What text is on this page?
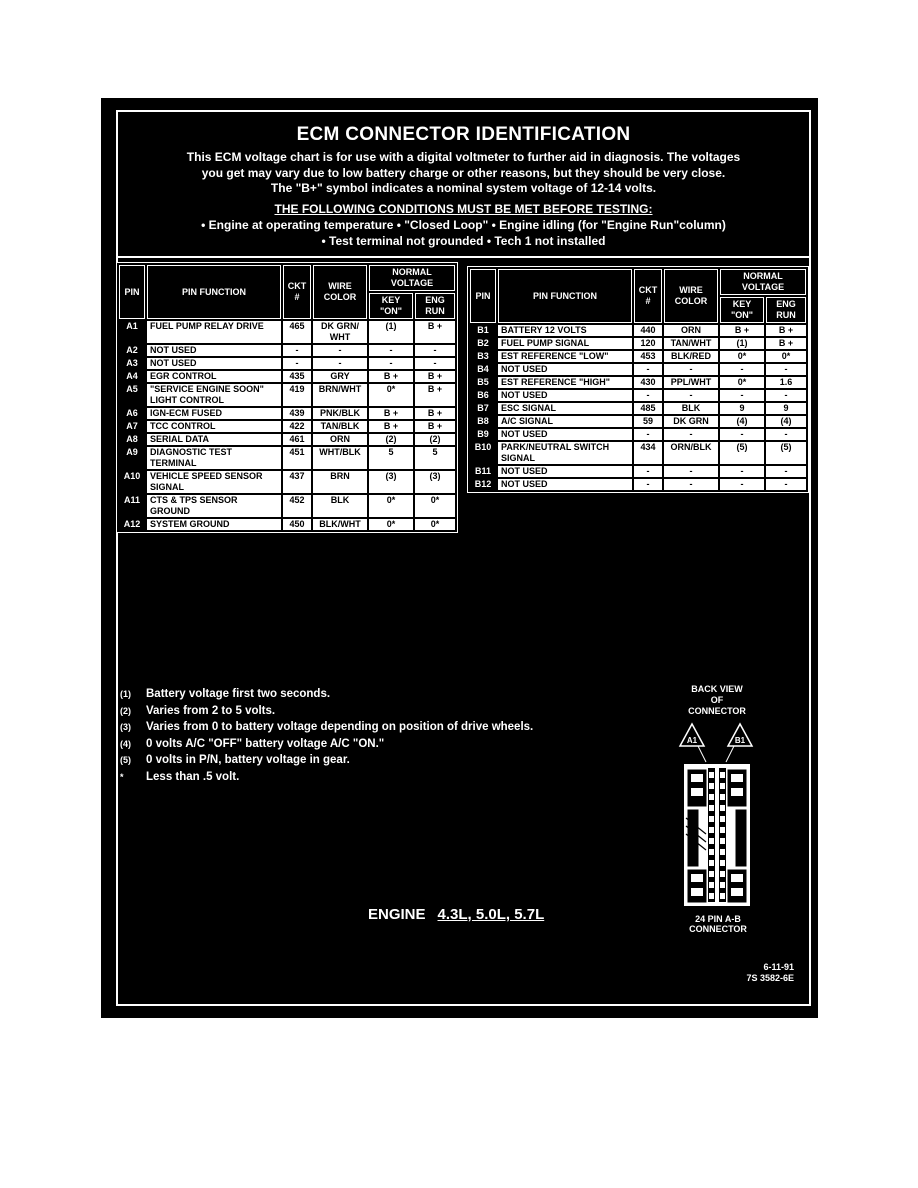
ECM CONNECTOR IDENTIFICATION
This ECM voltage chart is for use with a digital voltmeter to further aid in diagnosis. The voltages
you get may vary due to low battery charge or other reasons, but they should be very close.
The "B+" symbol indicates a nominal system voltage of 12-14 volts.
THE FOLLOWING CONDITIONS MUST BE MET BEFORE TESTING:
• Engine at operating temperature • "Closed Loop" • Engine idling (for "Engine Run"column)
• Test terminal not grounded • Tech 1 not installed
PIN	PIN FUNCTION	CKT #	WIRE COLOR	NORMAL VOLTAGE	
				KEY "ON"	ENG RUN
A1	FUEL PUMP RELAY DRIVE	465	DK GRN/ WHT	(1)	B +
A2	NOT USED	-	-	-	-
A3	NOT USED	-	-	-	-
A4	EGR CONTROL	435	GRY	B +	B +
A5	"SERVICE ENGINE SOON" LIGHT CONTROL	419	BRN/WHT	0*	B +
A6	IGN-ECM FUSED	439	PNK/BLK	B +	B +
A7	TCC CONTROL	422	TAN/BLK	B +	B +
A8	SERIAL DATA	461	ORN	(2)	(2)
A9	DIAGNOSTIC TEST TERMINAL	451	WHT/BLK	5	5
A10	VEHICLE SPEED SENSOR SIGNAL	437	BRN	(3)	(3)
A11	CTS & TPS SENSOR GROUND	452	BLK	0*	0*
A12	SYSTEM GROUND	450	BLK/WHT	0*	0*
PIN	PIN FUNCTION	CKT #	WIRE COLOR	NORMAL VOLTAGE	
				KEY "ON"	ENG RUN
B1	BATTERY 12 VOLTS	440	ORN	B +	B +
B2	FUEL PUMP SIGNAL	120	TAN/WHT	(1)	B +
B3	EST REFERENCE "LOW"	453	BLK/RED	0*	0*
B4	NOT USED	-	-	-	-
B5	EST REFERENCE "HIGH"	430	PPL/WHT	0*	1.6
B6	NOT USED	-	-	-	-
B7	ESC SIGNAL	485	BLK	9	9
B8	A/C SIGNAL	59	DK GRN	(4)	(4)
B9	NOT USED	-	-	-	-
B10	PARK/NEUTRAL SWITCH SIGNAL	434	ORN/BLK	(5)	(5)
B11	NOT USED	-	-	-	-
B12	NOT USED	-	-	-	-
(1) Battery voltage first two seconds.
(2) Varies from 2 to 5 volts.
(3) Varies from 0 to battery voltage depending on position of drive wheels.
(4) 0 volts A/C "OFF" battery voltage A/C "ON."
(5) 0 volts in P/N, battery voltage in gear.
* Less than .5 volt.
BACK VIEW
OF
CONNECTOR
A1	B1
24 PIN A-B
CONNECTOR
ENGINE 4.3L, 5.0L, 5.7L
6-11-91
7S 3582-6E
